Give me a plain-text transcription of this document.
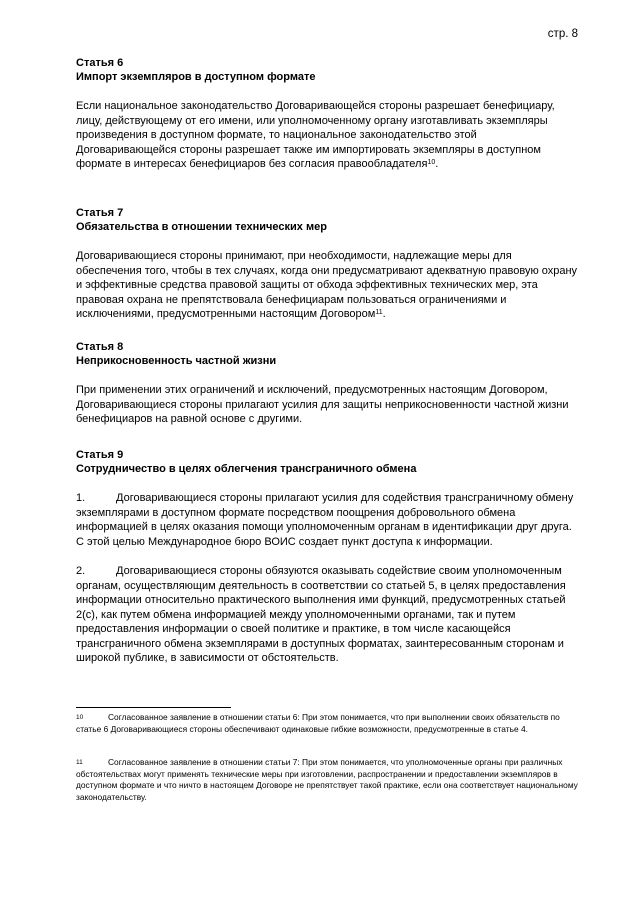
стр. 8

Статья 6

Импорт экземпляров в доступном формате

Если национальное законодательство Договаривающейся стороны разрешает бенефициару, лицу, действующему от его имени, или уполномоченному органу изготавливать экземпляры произведения в доступном формате, то национальное законодательство этой Договаривающейся стороны разрешает также им импортировать экземпляры в доступном формате в интересах бенефициаров без согласия правообладателя$^{10}$.

Статья 7

Обязательства в отношении технических мер

Договаривающиеся стороны принимают, при необходимости, надлежащие меры для обеспечения того, чтобы в тех случаях, когда они предусматривают адекватную правовую охрану и эффективные средства правовой защиты от обхода эффективных технических мер, эта правовая охрана не препятствовала бенефициарам пользоваться ограничениями и исключениями, предусмотренными настоящим Договором$^{11}$.

Статья 8

Неприкосновенность частной жизни

При применении этих ограничений и исключений, предусмотренных настоящим Договором, Договаривающиеся стороны прилагают усилия для защиты неприкосновенности частной жизни бенефициаров на равной основе с другими.

Статья 9

Сотрудничество в целях облегчения трансграничного обмена

1.	Договаривающиеся стороны прилагают усилия для содействия трансграничному обмену экземплярами в доступном формате посредством поощрения добровольного обмена информацией в целях оказания помощи уполномоченным органам в идентификации друг друга. С этой целью Международное бюро ВОИС создает пункт доступа к информации.

2.	Договаривающиеся стороны обязуются оказывать содействие своим уполномоченным органам, осуществляющим деятельность в соответствии со статьей 5, в целях предоставления информации относительно практического выполнения ими функций, предусмотренных статьей 2(с), как путем обмена информацией между уполномоченными органами, так и путем предоставления информации о своей политике и практике, в том числе касающейся трансграничного обмена экземплярами в доступных форматах, заинтересованным сторонам и широкой публике, в зависимости от обстоятельств.

10	Согласованное заявление в отношении статьи 6: При этом понимается, что при выполнении своих обязательств по статье 6 Договаривающиеся стороны обеспечивают одинаковые гибкие возможности, предусмотренные в статье 4.
11	Согласованное заявление в отношении статьи 7: При этом понимается, что уполномоченные органы при различных обстоятельствах могут применять технические меры при изготовлении, распространении и предоставлении экземпляров в доступном формате и что ничто в настоящем Договоре не препятствует такой практике, если она соответствует национальному законодательству.
